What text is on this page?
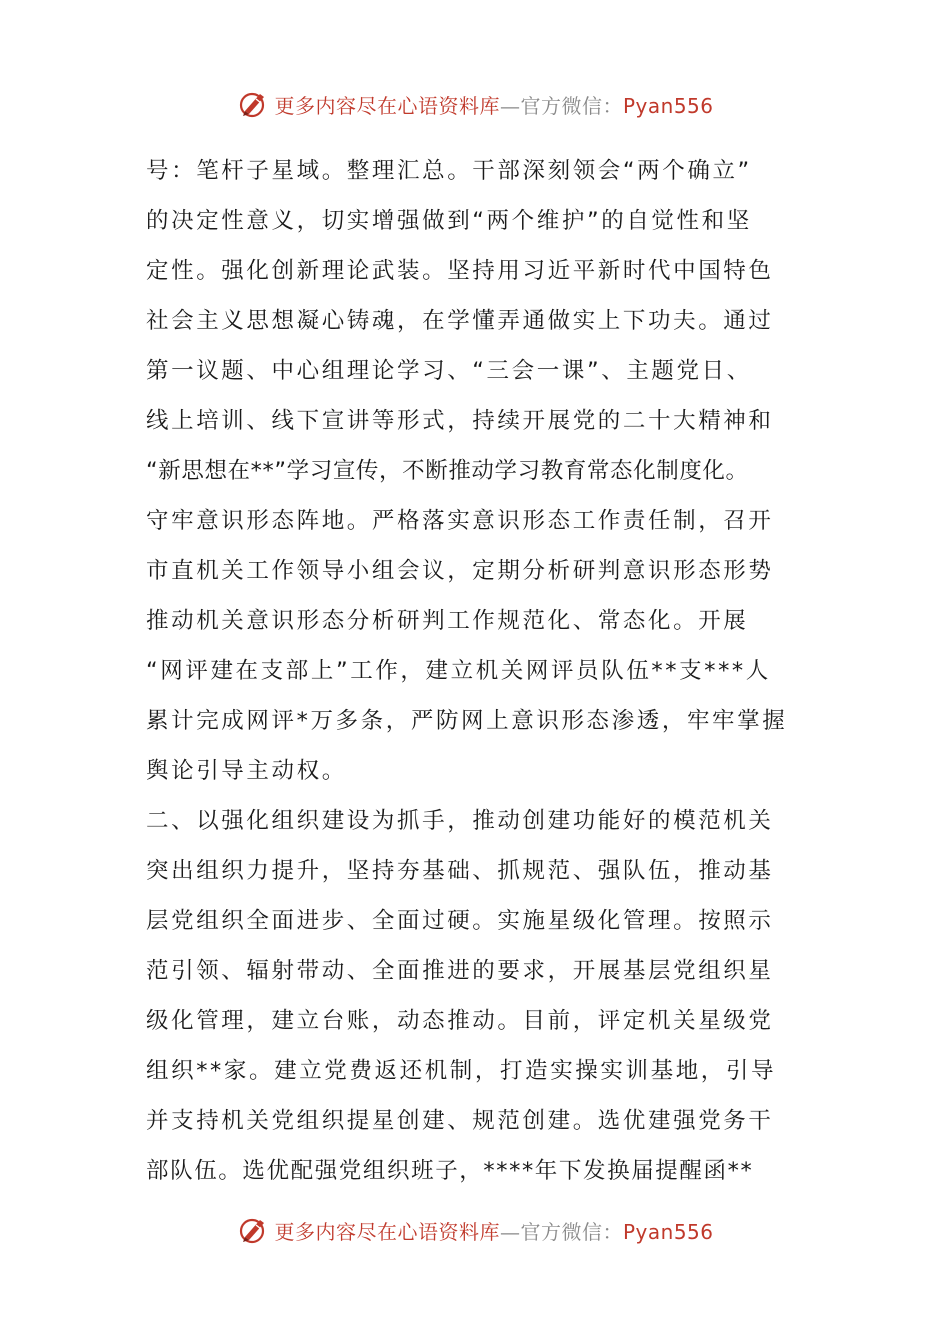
更多内容尽在心语资料库—官方微信：Pyan556
号：笔杆子星域。整理汇总。干部深刻领会“两个确立”
的决定性意义，切实增强做到“两个维护”的自觉性和坚
定性。强化创新理论武装。坚持用习近平新时代中国特色
社会主义思想凝心铸魂，在学懂弄通做实上下功夫。通过
第一议题、中心组理论学习、“三会一课”、主题党日、
线上培训、线下宣讲等形式，持续开展党的二十大精神和
“新思想在**”学习宣传，不断推动学习教育常态化制度化。
守牢意识形态阵地。严格落实意识形态工作责任制，召开
市直机关工作领导小组会议，定期分析研判意识形态形势
推动机关意识形态分析研判工作规范化、常态化。开展
“网评建在支部上”工作，建立机关网评员队伍**支***人
累计完成网评*万多条，严防网上意识形态渗透，牢牢掌握
舆论引导主动权。
二、以强化组织建设为抓手，推动创建功能好的模范机关
突出组织力提升，坚持夯基础、抓规范、强队伍，推动基
层党组织全面进步、全面过硬。实施星级化管理。按照示
范引领、辐射带动、全面推进的要求，开展基层党组织星
级化管理，建立台账，动态推动。目前，评定机关星级党
组织**家。建立党费返还机制，打造实操实训基地，引导
并支持机关党组织提星创建、规范创建。选优建强党务干
部队伍。选优配强党组织班子，****年下发换届提醒函**
更多内容尽在心语资料库—官方微信：Pyan556
